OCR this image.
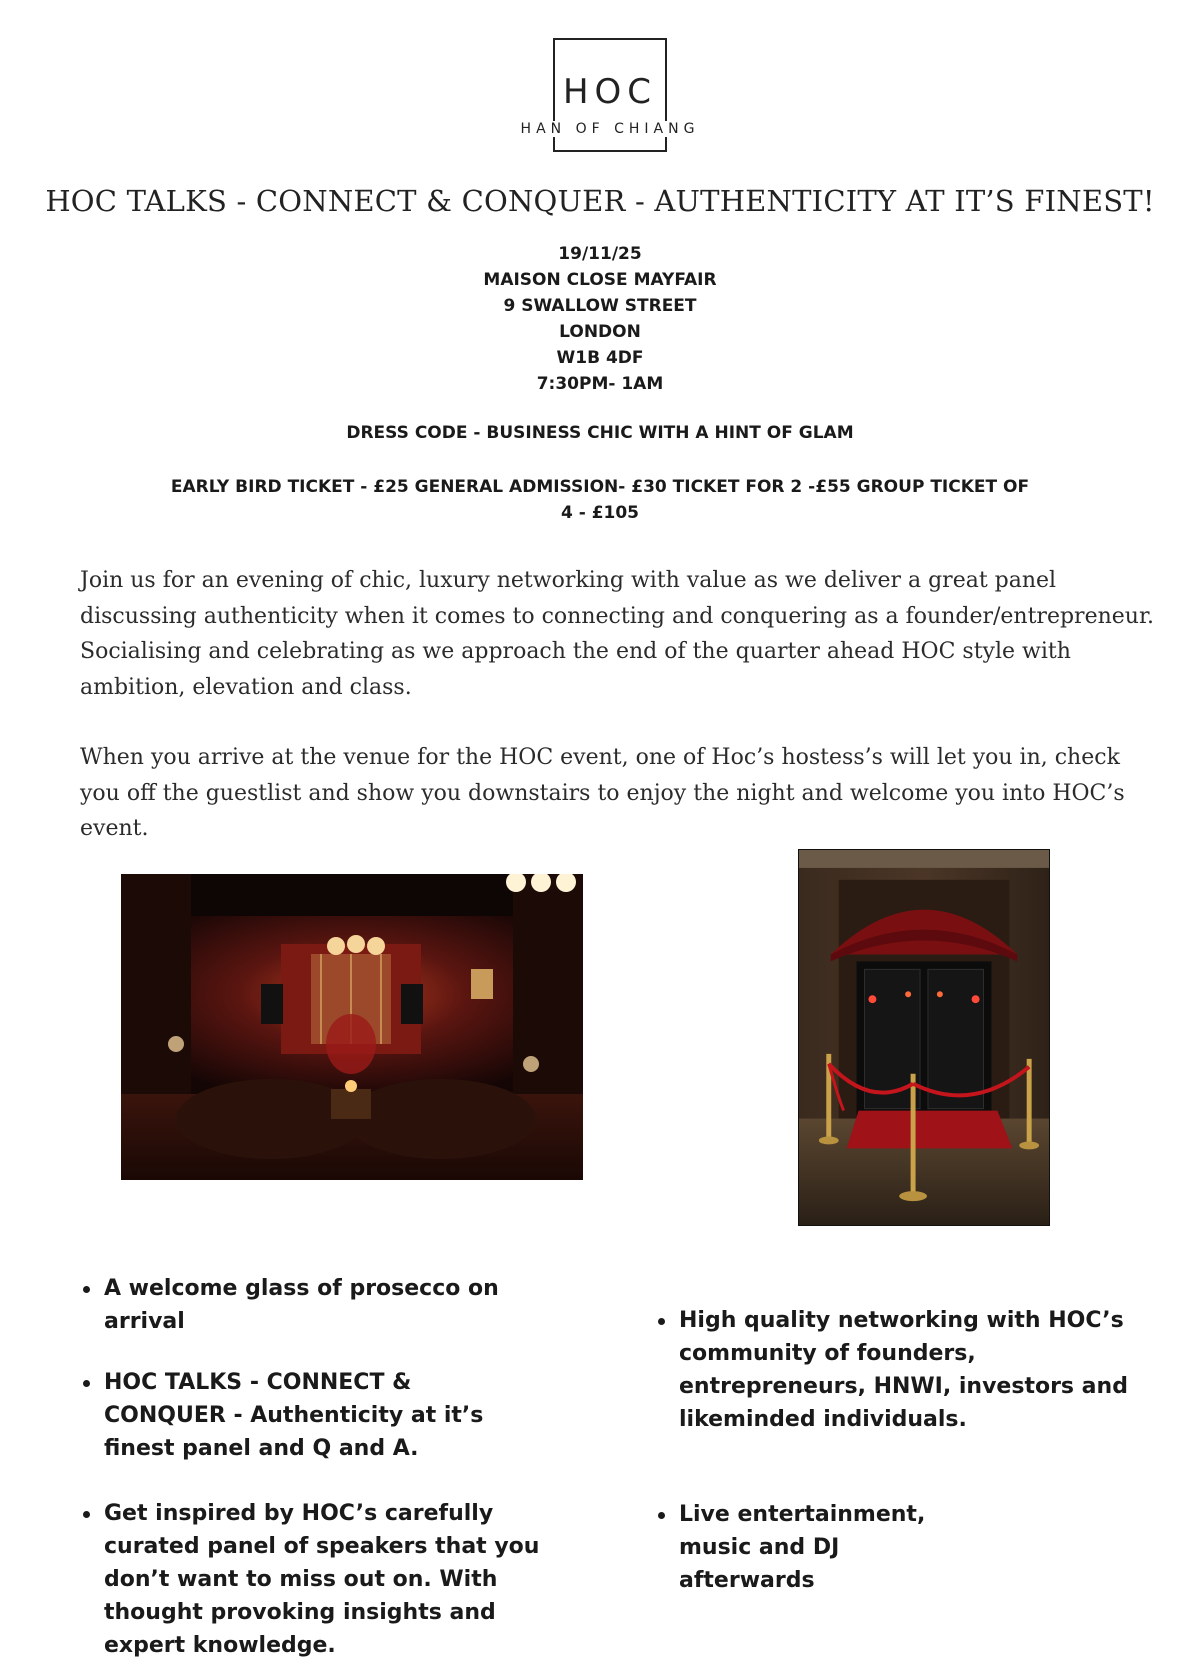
HOC
HAN OF CHIANG
HOC TALKS - CONNECT & CONQUER - AUTHENTICITY AT IT’S FINEST!
19/11/25
MAISON CLOSE MAYFAIR
9 SWALLOW STREET
LONDON
W1B 4DF
7:30PM- 1AM
DRESS CODE - BUSINESS CHIC WITH A HINT OF GLAM
EARLY BIRD TICKET - £25 GENERAL ADMISSION- £30 TICKET FOR 2 -£55 GROUP TICKET OF 4 - £105

Join us for an evening of chic, luxury networking with value as we deliver a great panel discussing authenticity when it comes to connecting and conquering as a founder/entrepreneur. Socialising and celebrating as we approach the end of the quarter ahead HOC style with ambition, elevation and class.

When you arrive at the venue for the HOC event, one of Hoc’s hostess’s will let you in, check you off the guestlist and show you downstairs to enjoy the night and welcome you into HOC’s event.

A welcome glass of prosecco on arrival
HOC TALKS - CONNECT & CONQUER - Authenticity at it’s finest panel and Q and A.
Get inspired by HOC’s carefully curated panel of speakers that you don’t want to miss out on. With thought provoking insights and expert knowledge.
High quality networking with HOC’s community of founders, entrepreneurs, HNWI, investors and likeminded individuals.
Live entertainment, music and DJ afterwards
